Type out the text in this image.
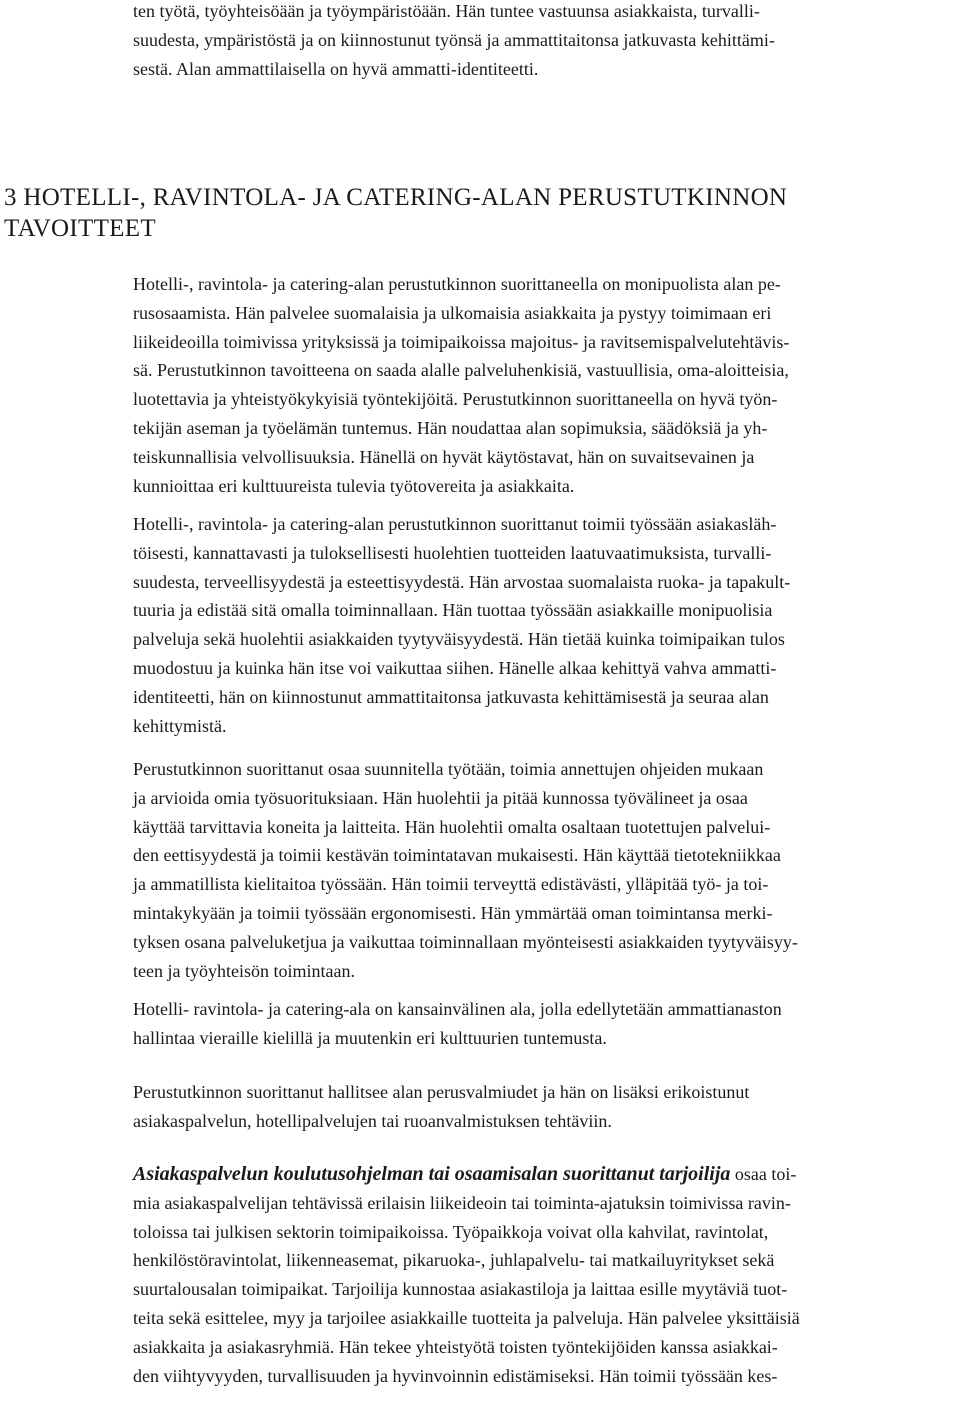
ten työtä, työyhteisöään ja työympäristöään. Hän tuntee vastuunsa asiakkaista, turvalli-
suudesta, ympäristöstä ja on kiinnostunut työnsä ja ammattitaitonsa jatkuvasta kehittämi-
sestä. Alan ammattilaisella on hyvä ammatti-identiteetti.

3 HOTELLI-, RAVINTOLA- JA CATERING-ALAN PERUSTUTKINNON
TAVOITTEET

Hotelli-, ravintola- ja catering-alan perustutkinnon suorittaneella on monipuolista alan pe-
rusosaamista. Hän palvelee suomalaisia ja ulkomaisia asiakkaita ja pystyy toimimaan eri
liikeideoilla toimivissa yrityksissä ja toimipaikoissa majoitus- ja ravitsemispalvelutehtävis-
sä. Perustutkinnon tavoitteena on saada alalle palveluhenkisiä, vastuullisia, oma-aloitteisia,
luotettavia ja yhteistyökykyisiä työntekijöitä. Perustutkinnon suorittaneella on hyvä työn-
tekijän aseman ja työelämän tuntemus. Hän noudattaa alan sopimuksia, säädöksiä ja yh-
teiskunnallisia velvollisuuksia. Hänellä on hyvät käytöstavat, hän on suvaitsevainen ja
kunnioittaa eri kulttuureista tulevia työtovereita ja asiakkaita.

Hotelli-, ravintola- ja catering-alan perustutkinnon suorittanut toimii työssään asiakasläh-
töisesti, kannattavasti ja tuloksellisesti huolehtien tuotteiden laatuvaatimuksista, turvalli-
suudesta, terveellisyydestä ja esteettisyydestä. Hän arvostaa suomalaista ruoka- ja tapakult-
tuuria ja edistää sitä omalla toiminnallaan. Hän tuottaa työssään asiakkaille monipuolisia
palveluja sekä huolehtii asiakkaiden tyytyväisyydestä. Hän tietää kuinka toimipaikan tulos
muodostuu ja kuinka hän itse voi vaikuttaa siihen. Hänelle alkaa kehittyä vahva ammatti-
identiteetti, hän on kiinnostunut ammattitaitonsa jatkuvasta kehittämisestä ja seuraa alan
kehittymistä.

Perustutkinnon suorittanut osaa suunnitella työtään, toimia annettujen ohjeiden mukaan
ja arvioida omia työsuorituksiaan. Hän huolehtii ja pitää kunnossa työvälineet ja osaa
käyttää tarvittavia koneita ja laitteita. Hän huolehtii omalta osaltaan tuotettujen palvelui-
den eettisyydestä ja toimii kestävän toimintatavan mukaisesti. Hän käyttää tietotekniikkaa
ja ammatillista kielitaitoa työssään. Hän toimii terveyttä edistävästi, ylläpitää työ- ja toi-
mintakykyään ja toimii työssään ergonomisesti. Hän ymmärtää oman toimintansa merki-
tyksen osana palveluketjua ja vaikuttaa toiminnallaan myönteisesti asiakkaiden tyytyväisyy-
teen ja työyhteisön toimintaan.

Hotelli- ravintola- ja catering-ala on kansainvälinen ala, jolla edellytetään ammattianaston
hallintaa vieraille kielillä ja muutenkin eri kulttuurien tuntemusta.

Perustutkinnon suorittanut hallitsee alan perusvalmiudet ja hän on lisäksi erikoistunut
asiakaspalvelun, hotellipalvelujen tai ruoanvalmistuksen tehtäviin.

Asiakaspalvelun koulutusohjelman tai osaamisalan suorittanut tarjoilija osaa toi-
mia asiakaspalvelijan tehtävissä erilaisin liikeideoin tai toiminta-ajatuksin toimivissa ravin-
toloissa tai julkisen sektorin toimipaikoissa. Työpaikkoja voivat olla kahvilat, ravintolat,
henkilöstöravintolat, liikenneasemat, pikaruoka-, juhlapalvelu- tai matkailuyritykset sekä
suurtalousalan toimipaikat. Tarjoilija kunnostaa asiakastiloja ja laittaa esille myytäviä tuot-
teita sekä esittelee, myy ja tarjoilee asiakkaille tuotteita ja palveluja. Hän palvelee yksittäisiä
asiakkaita ja asiakasryhmiä. Hän tekee yhteistyötä toisten työntekijöiden kanssa asiakkai-
den viihtyvyyden, turvallisuuden ja hyvinvoinnin edistämiseksi. Hän toimii työssään kes-
